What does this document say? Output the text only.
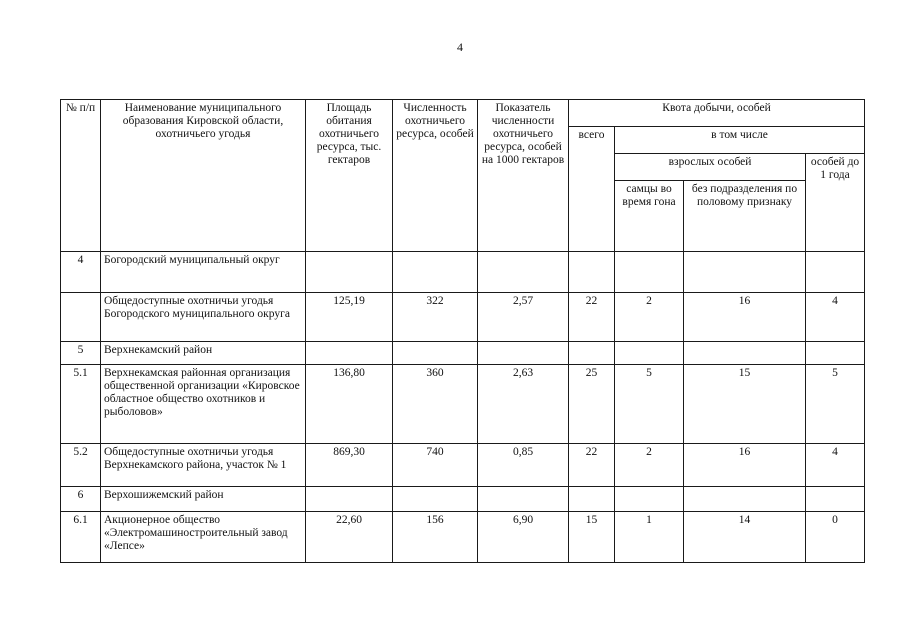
4
№ п/п	Наименование муниципального образования Кировской области, охотничьего угодья	Площадь обитания охотничьего ресурса, тыс. гектаров	Численность охотничьего ресурса, особей	Показатель численности охотничьего ресурса, особей на 1000 гектаров	Квота добычи, особей			
					всего	в том числе		
						взрослых особей		особей до 1 года
						самцы во время гона	без подразделения по половому признаку	
4	Богородский муниципальный округ							
	Общедоступные охотничьи угодья Богородского муниципального округа	125,19	322	2,57	22	2	16	4
5	Верхнекамский район							
5.1	Верхнекамская районная организация общественной организации «Кировское областное общество охотников и рыболовов»	136,80	360	2,63	25	5	15	5
5.2	Общедоступные охотничьи угодья Верхнекамского района, участок № 1	869,30	740	0,85	22	2	16	4
6	Верхошижемский район							
6.1	Акционерное общество «Электромашиностроительный завод «Лепсе»	22,60	156	6,90	15	1	14	0
